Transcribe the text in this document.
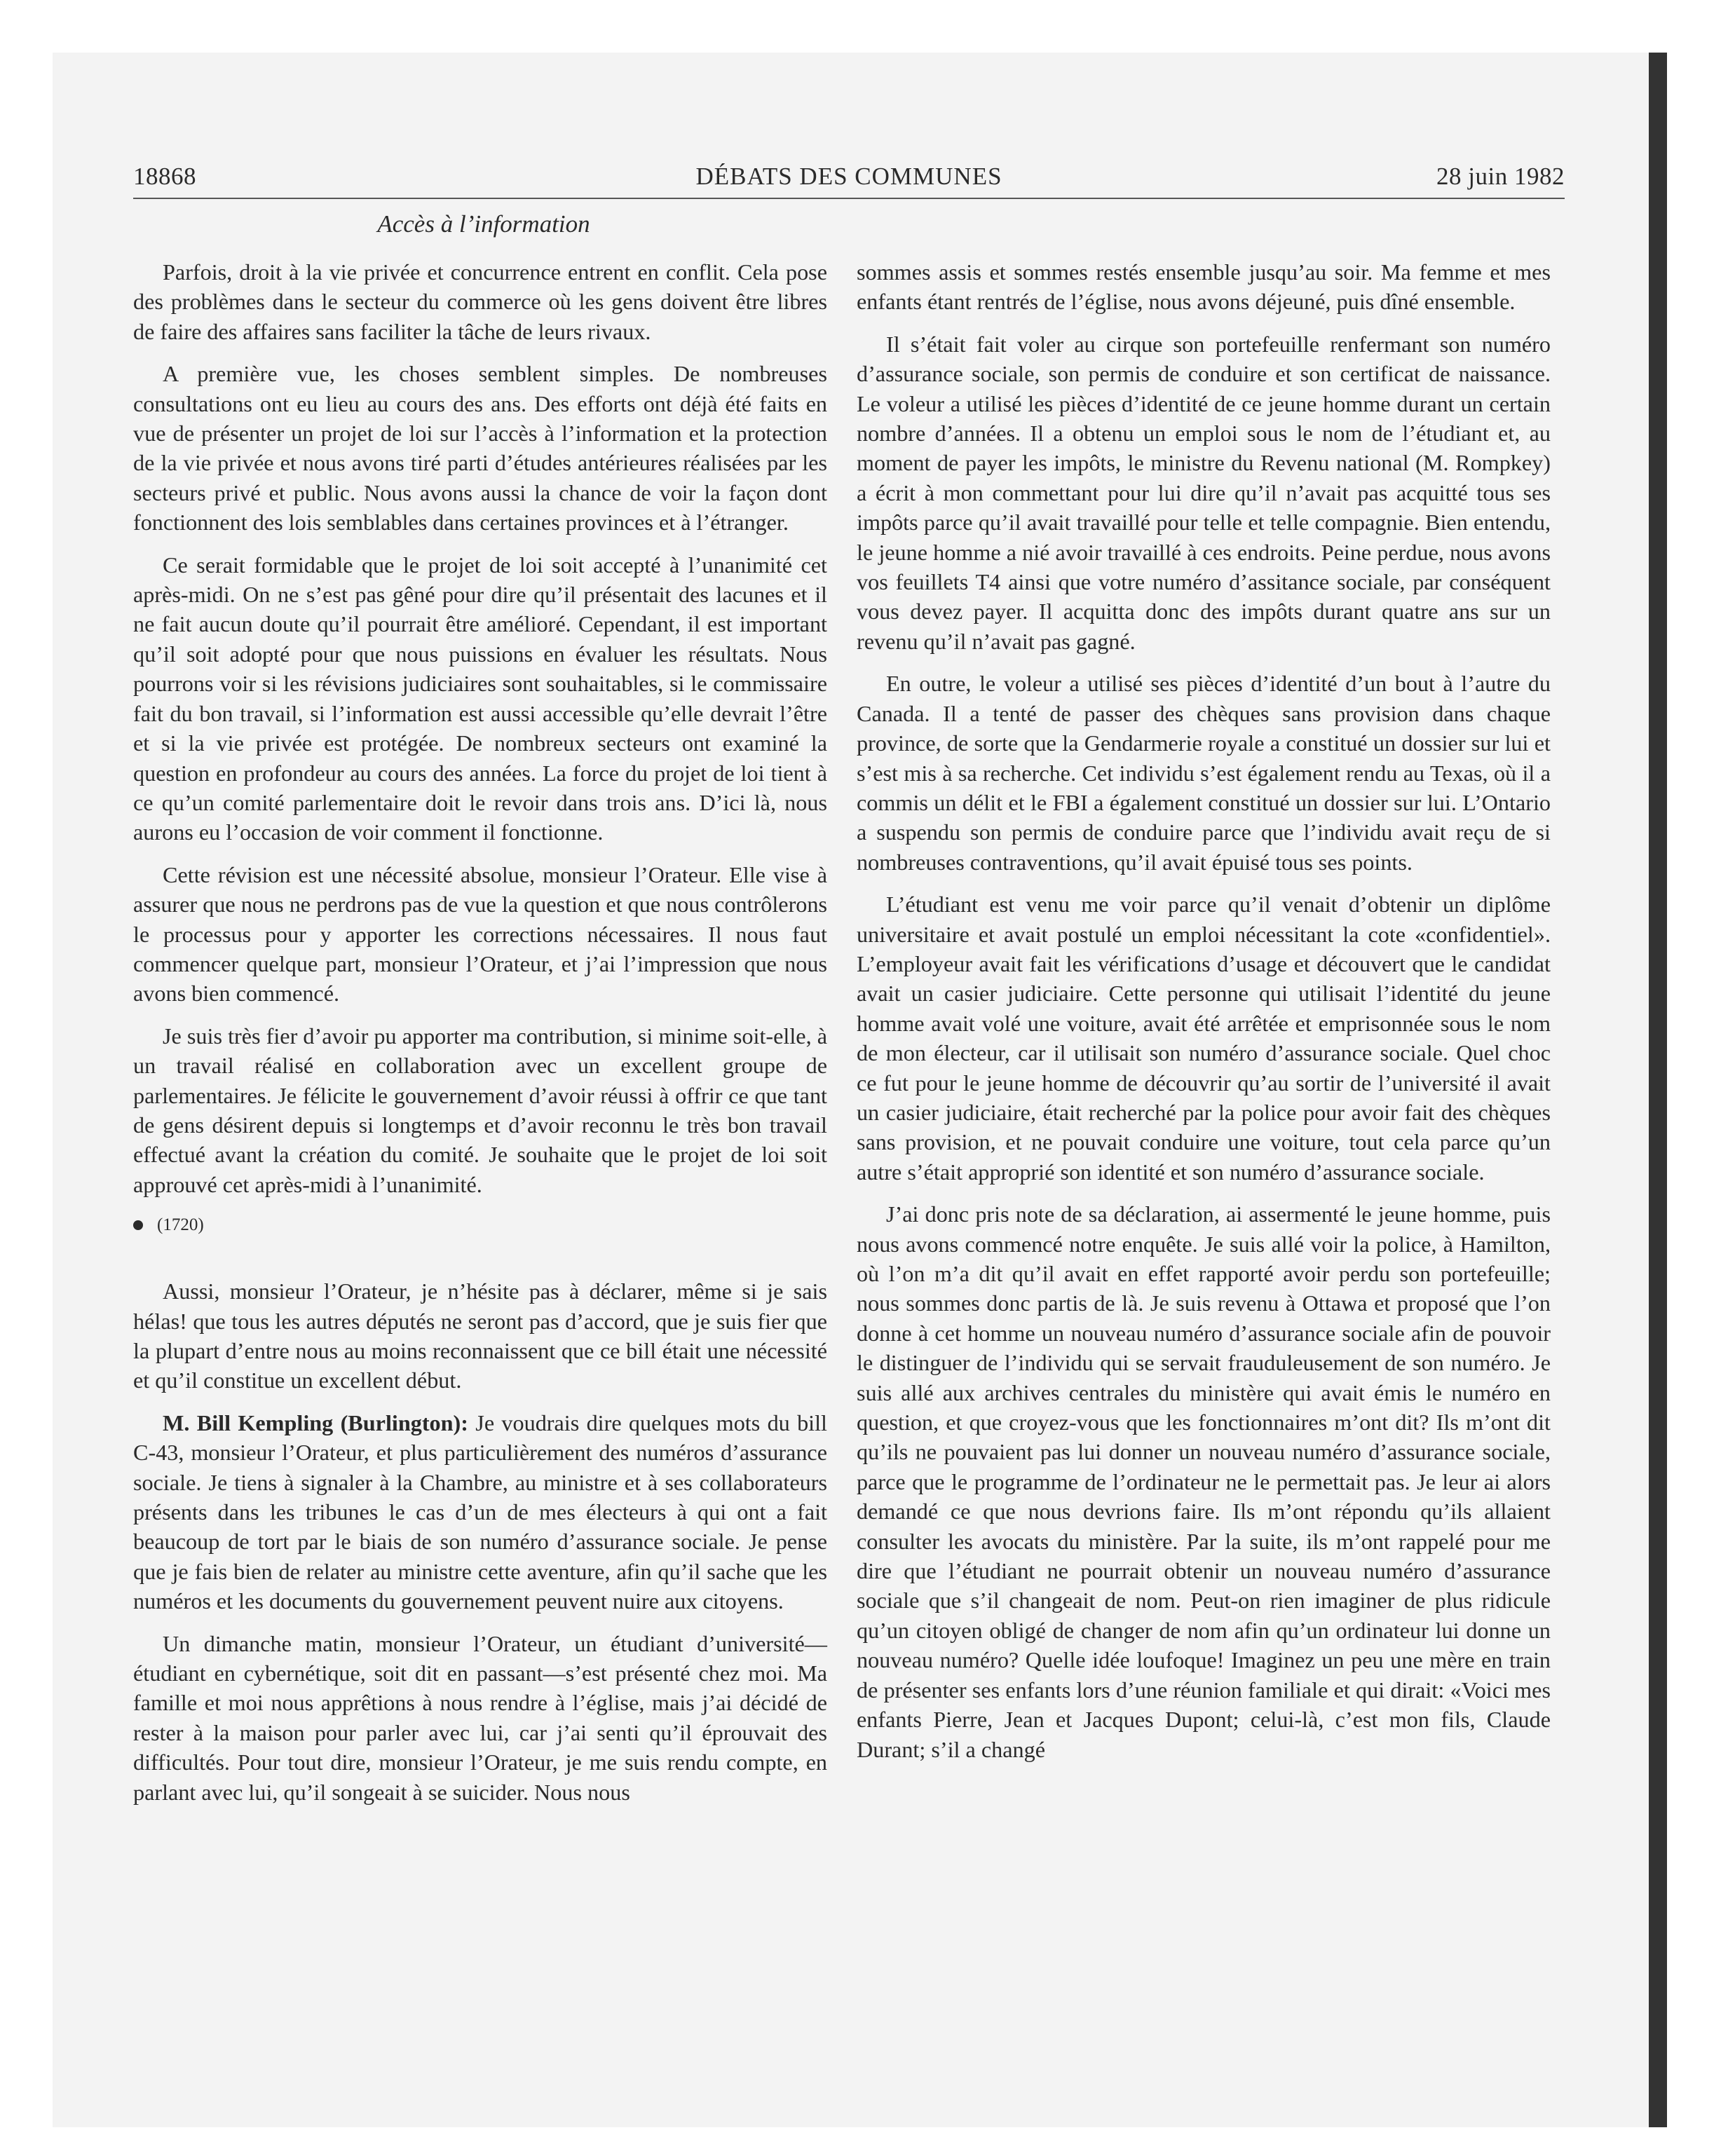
18868	DÉBATS DES COMMUNES	28 juin 1982
Accès à l’information

Parfois, droit à la vie privée et concurrence entrent en conflit. Cela pose des problèmes dans le secteur du commerce où les gens doivent être libres de faire des affaires sans faciliter la tâche de leurs rivaux.

A première vue, les choses semblent simples. De nombreuses consultations ont eu lieu au cours des ans. Des efforts ont déjà été faits en vue de présenter un projet de loi sur l’accès à l’information et la protection de la vie privée et nous avons tiré parti d’études antérieures réalisées par les secteurs privé et public. Nous avons aussi la chance de voir la façon dont fonctionnent des lois semblables dans certaines provinces et à l’étranger.

Ce serait formidable que le projet de loi soit accepté à l’unanimité cet après-midi. On ne s’est pas gêné pour dire qu’il présentait des lacunes et il ne fait aucun doute qu’il pourrait être amélioré. Cependant, il est important qu’il soit adopté pour que nous puissions en évaluer les résultats. Nous pourrons voir si les révisions judiciaires sont souhaitables, si le commissaire fait du bon travail, si l’information est aussi accessible qu’elle devrait l’être et si la vie privée est protégée. De nombreux secteurs ont examiné la question en profondeur au cours des années. La force du projet de loi tient à ce qu’un comité parlementaire doit le revoir dans trois ans. D’ici là, nous aurons eu l’occasion de voir comment il fonctionne.

Cette révision est une nécessité absolue, monsieur l’Orateur. Elle vise à assurer que nous ne perdrons pas de vue la question et que nous contrôlerons le processus pour y apporter les corrections nécessaires. Il nous faut commencer quelque part, monsieur l’Orateur, et j’ai l’impression que nous avons bien commencé.

Je suis très fier d’avoir pu apporter ma contribution, si minime soit-elle, à un travail réalisé en collaboration avec un excellent groupe de parlementaires. Je félicite le gouvernement d’avoir réussi à offrir ce que tant de gens désirent depuis si longtemps et d’avoir reconnu le très bon travail effectué avant la création du comité. Je souhaite que le projet de loi soit approuvé cet après-midi à l’unanimité.

(1720)

Aussi, monsieur l’Orateur, je n’hésite pas à déclarer, même si je sais hélas! que tous les autres députés ne seront pas d’accord, que je suis fier que la plupart d’entre nous au moins reconnaissent que ce bill était une nécessité et qu’il constitue un excellent début.

M. Bill Kempling (Burlington): Je voudrais dire quelques mots du bill C-43, monsieur l’Orateur, et plus particulièrement des numéros d’assurance sociale. Je tiens à signaler à la Chambre, au ministre et à ses collaborateurs présents dans les tribunes le cas d’un de mes électeurs à qui ont a fait beaucoup de tort par le biais de son numéro d’assurance sociale. Je pense que je fais bien de relater au ministre cette aventure, afin qu’il sache que les numéros et les documents du gouvernement peuvent nuire aux citoyens.

Un dimanche matin, monsieur l’Orateur, un étudiant d’université—étudiant en cybernétique, soit dit en passant—s’est présenté chez moi. Ma famille et moi nous apprêtions à nous rendre à l’église, mais j’ai décidé de rester à la maison pour parler avec lui, car j’ai senti qu’il éprouvait des difficultés. Pour tout dire, monsieur l’Orateur, je me suis rendu compte, en parlant avec lui, qu’il songeait à se suicider. Nous nous

sommes assis et sommes restés ensemble jusqu’au soir. Ma femme et mes enfants étant rentrés de l’église, nous avons déjeuné, puis dîné ensemble.

Il s’était fait voler au cirque son portefeuille renfermant son numéro d’assurance sociale, son permis de conduire et son certificat de naissance. Le voleur a utilisé les pièces d’identité de ce jeune homme durant un certain nombre d’années. Il a obtenu un emploi sous le nom de l’étudiant et, au moment de payer les impôts, le ministre du Revenu national (M. Rompkey) a écrit à mon commettant pour lui dire qu’il n’avait pas acquitté tous ses impôts parce qu’il avait travaillé pour telle et telle compagnie. Bien entendu, le jeune homme a nié avoir travaillé à ces endroits. Peine perdue, nous avons vos feuillets T4 ainsi que votre numéro d’assitance sociale, par conséquent vous devez payer. Il acquitta donc des impôts durant quatre ans sur un revenu qu’il n’avait pas gagné.

En outre, le voleur a utilisé ses pièces d’identité d’un bout à l’autre du Canada. Il a tenté de passer des chèques sans provision dans chaque province, de sorte que la Gendarmerie royale a constitué un dossier sur lui et s’est mis à sa recherche. Cet individu s’est également rendu au Texas, où il a commis un délit et le FBI a également constitué un dossier sur lui. L’Ontario a suspendu son permis de conduire parce que l’individu avait reçu de si nombreuses contraventions, qu’il avait épuisé tous ses points.

L’étudiant est venu me voir parce qu’il venait d’obtenir un diplôme universitaire et avait postulé un emploi nécessitant la cote «confidentiel». L’employeur avait fait les vérifications d’usage et découvert que le candidat avait un casier judiciaire. Cette personne qui utilisait l’identité du jeune homme avait volé une voiture, avait été arrêtée et emprisonnée sous le nom de mon électeur, car il utilisait son numéro d’assurance sociale. Quel choc ce fut pour le jeune homme de découvrir qu’au sortir de l’université il avait un casier judiciaire, était recherché par la police pour avoir fait des chèques sans provision, et ne pouvait conduire une voiture, tout cela parce qu’un autre s’était approprié son identité et son numéro d’assurance sociale.

J’ai donc pris note de sa déclaration, ai assermenté le jeune homme, puis nous avons commencé notre enquête. Je suis allé voir la police, à Hamilton, où l’on m’a dit qu’il avait en effet rapporté avoir perdu son portefeuille; nous sommes donc partis de là. Je suis revenu à Ottawa et proposé que l’on donne à cet homme un nouveau numéro d’assurance sociale afin de pouvoir le distinguer de l’individu qui se servait frauduleusement de son numéro. Je suis allé aux archives centrales du ministère qui avait émis le numéro en question, et que croyez-vous que les fonctionnaires m’ont dit? Ils m’ont dit qu’ils ne pouvaient pas lui donner un nouveau numéro d’assurance sociale, parce que le programme de l’ordinateur ne le permettait pas. Je leur ai alors demandé ce que nous devrions faire. Ils m’ont répondu qu’ils allaient consulter les avocats du ministère. Par la suite, ils m’ont rappelé pour me dire que l’étudiant ne pourrait obtenir un nouveau numéro d’assurance sociale que s’il changeait de nom. Peut-on rien imaginer de plus ridicule qu’un citoyen obligé de changer de nom afin qu’un ordinateur lui donne un nouveau numéro? Quelle idée loufoque! Imaginez un peu une mère en train de présenter ses enfants lors d’une réunion familiale et qui dirait: «Voici mes enfants Pierre, Jean et Jacques Dupont; celui-là, c’est mon fils, Claude Durant; s’il a changé
